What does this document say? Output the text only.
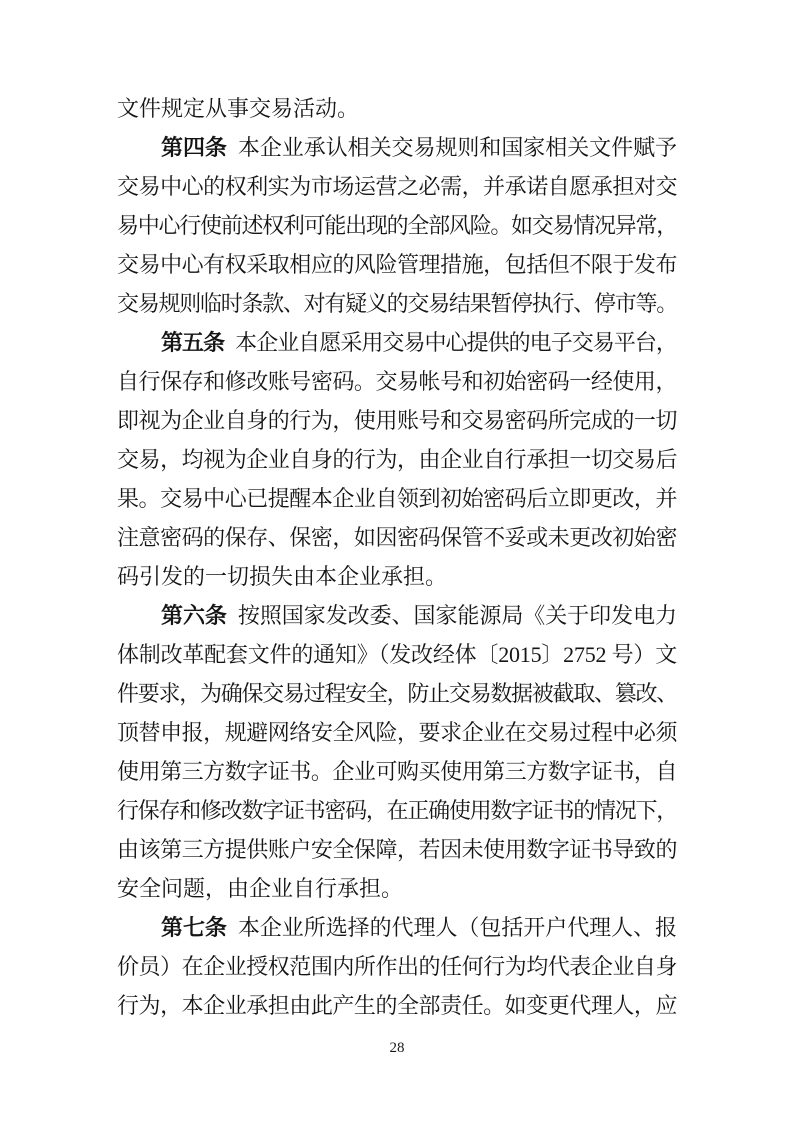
文件规定从事交易活动。
第四条 本企业承认相关交易规则和国家相关文件赋予
交易中心的权利实为市场运营之必需，并承诺自愿承担对交
易中心行使前述权利可能出现的全部风险。如交易情况异常，
交易中心有权采取相应的风险管理措施，包括但不限于发布
交易规则临时条款、对有疑义的交易结果暂停执行、停市等。
第五条 本企业自愿采用交易中心提供的电子交易平台，
自行保存和修改账号密码。交易帐号和初始密码一经使用，
即视为企业自身的行为，使用账号和交易密码所完成的一切
交易，均视为企业自身的行为，由企业自行承担一切交易后
果。交易中心已提醒本企业自领到初始密码后立即更改，并
注意密码的保存、保密，如因密码保管不妥或未更改初始密
码引发的一切损失由本企业承担。
第六条 按照国家发改委、国家能源局《关于印发电力
体制改革配套文件的通知》（发改经体〔2015〕2752 号）文
件要求，为确保交易过程安全，防止交易数据被截取、篡改、
顶替申报，规避网络安全风险，要求企业在交易过程中必须
使用第三方数字证书。企业可购买使用第三方数字证书，自
行保存和修改数字证书密码，在正确使用数字证书的情况下，
由该第三方提供账户安全保障，若因未使用数字证书导致的
安全问题，由企业自行承担。
第七条 本企业所选择的代理人（包括开户代理人、报
价员）在企业授权范围内所作出的任何行为均代表企业自身
行为，本企业承担由此产生的全部责任。如变更代理人，应
28
